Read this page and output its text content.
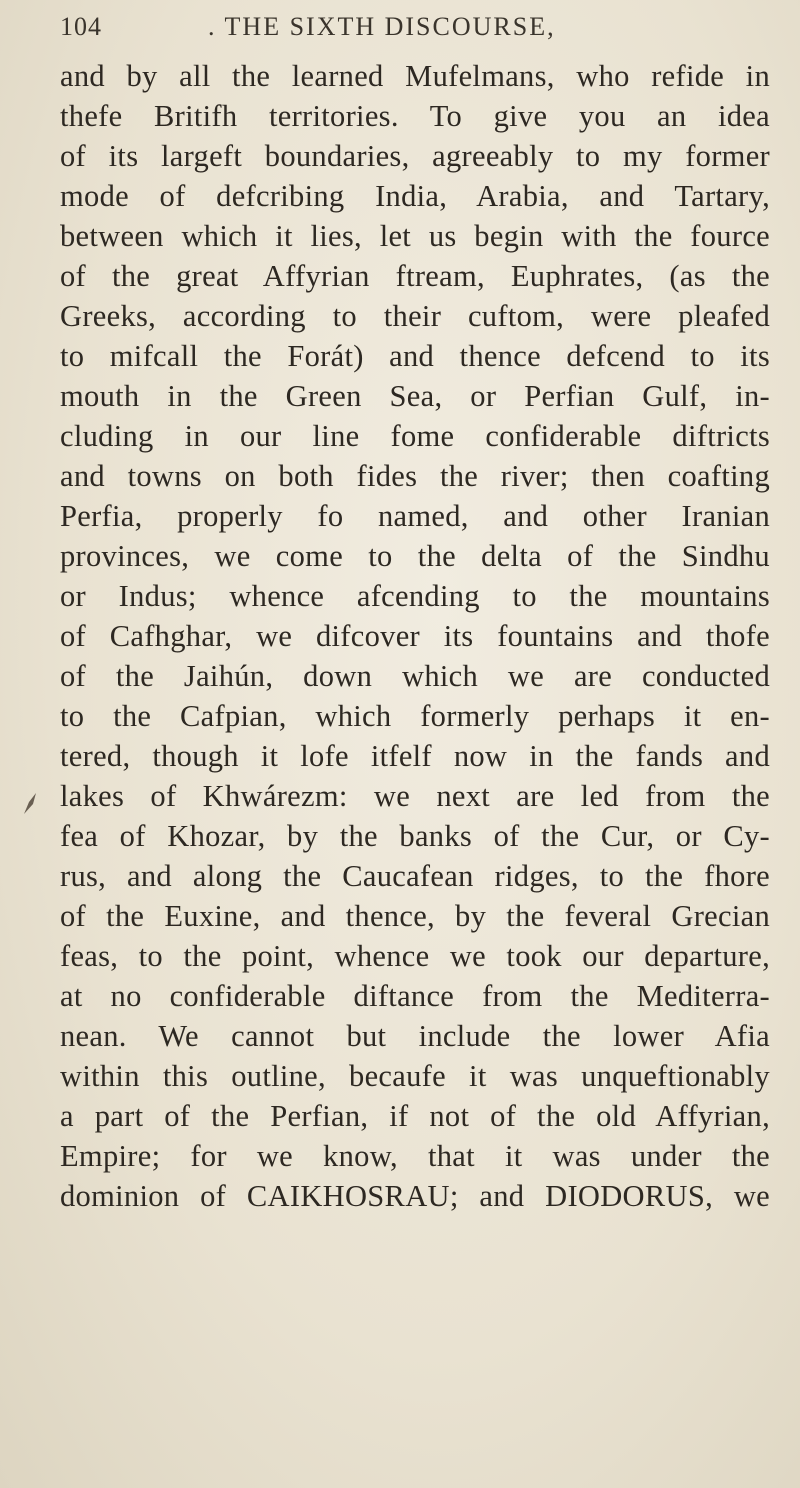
104	. THE SIXTH DISCOURSE,
and by all the learned Mufelmans, who refide in
thefe Britifh territories. To give you an idea
of its largeft boundaries, agreeably to my former
mode of defcribing India, Arabia, and Tartary,
between which it lies, let us begin with the fource
of the great Affyrian ftream, Euphrates, (as the
Greeks, according to their cuftom, were pleafed
to mifcall the Forát) and thence defcend to its
mouth in the Green Sea, or Perfian Gulf, in-
cluding in our line fome confiderable diftricts
and towns on both fides the river; then coafting
Perfia, properly fo named, and other Iranian
provinces, we come to the delta of the Sindhu
or Indus; whence afcending to the mountains
of Cafhghar, we difcover its fountains and thofe
of the Jaihún, down which we are conducted
to the Cafpian, which formerly perhaps it en-
tered, though it lofe itfelf now in the fands and
lakes of Khwárezm: we next are led from the
fea of Khozar, by the banks of the Cur, or Cy-
rus, and along the Caucafean ridges, to the fhore
of the Euxine, and thence, by the feveral Grecian
feas, to the point, whence we took our departure,
at no confiderable diftance from the Mediterra-
nean. We cannot but include the lower Afia
within this outline, becaufe it was unqueftionably
a part of the Perfian, if not of the old Affyrian,
Empire; for we know, that it was under the
dominion of CAIKHOSRAU; and DIODORUS, we
